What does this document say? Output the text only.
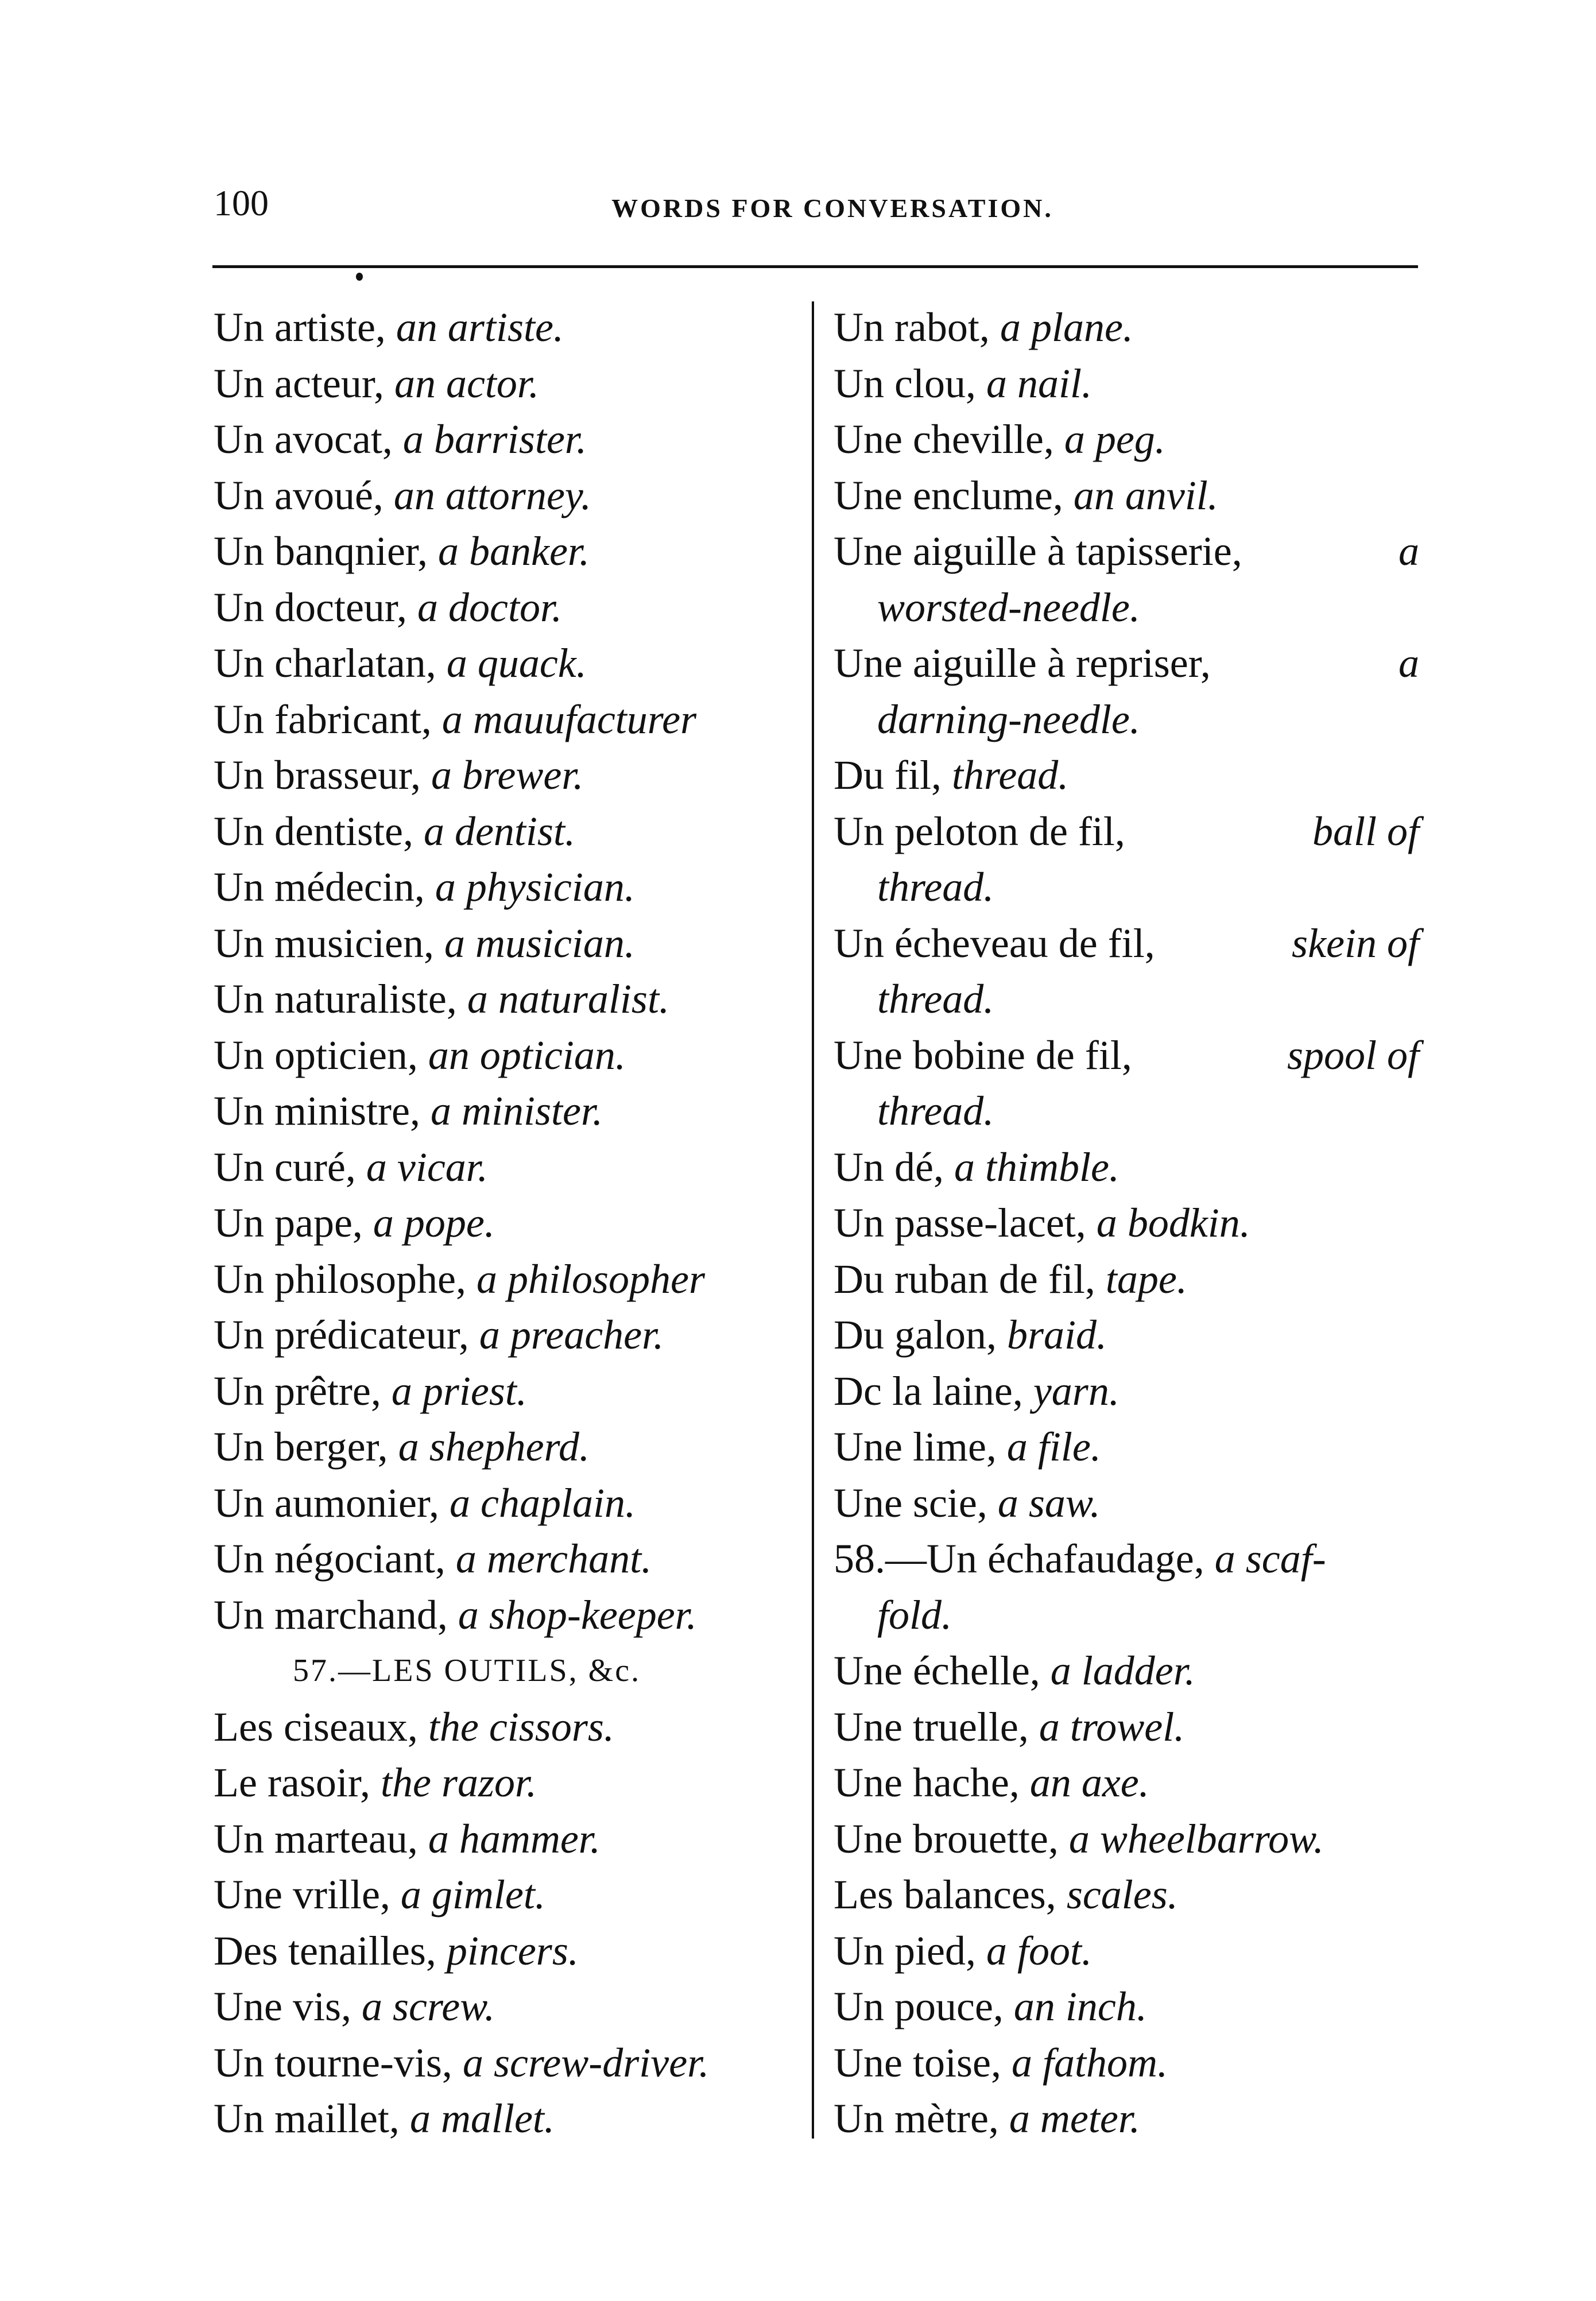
100	WORDS FOR CONVERSATION.
Un artiste, an artiste.
Un acteur, an actor.
Un avocat, a barrister.
Un avoué, an attorney.
Un banqnier, a banker.
Un docteur, a doctor.
Un charlatan, a quack.
Un fabricant, a mauufacturer
Un brasseur, a brewer.
Un dentiste, a dentist.
Un médecin, a physician.
Un musicien, a musician.
Un naturaliste, a naturalist.
Un opticien, an optician.
Un ministre, a minister.
Un curé, a vicar.
Un pape, a pope.
Un philosophe, a philosopher
Un prédicateur, a preacher.
Un prêtre, a priest.
Un berger, a shepherd.
Un aumonier, a chaplain.
Un négociant, a merchant.
Un marchand, a shop-keeper.
57.—LES OUTILS, &c.
Les ciseaux, the cissors.
Le rasoir, the razor.
Un marteau, a hammer.
Une vrille, a gimlet.
Des tenailles, pincers.
Une vis, a screw.
Un tourne-vis, a screw-driver.
Un maillet, a mallet.
Un rabot, a plane.
Un clou, a nail.
Une cheville, a peg.
Une enclume, an anvil.
Une aiguille à tapisserie,	a
worsted-needle.
Une aiguille à repriser,	a
darning-needle.
Du fil, thread.
Un peloton de fil,	ball of
thread.
Un écheveau de fil,	skein of
thread.
Une bobine de fil,	spool of
thread.
Un dé, a thimble.
Un passe-lacet, a bodkin.
Du ruban de fil, tape.
Du galon, braid.
Dc la laine, yarn.
Une lime, a file.
Une scie, a saw.
58.—Un échafaudage, a scaf-
fold.
Une échelle, a ladder.
Une truelle, a trowel.
Une hache, an axe.
Une brouette, a wheelbarrow.
Les balances, scales.
Un pied, a foot.
Un pouce, an inch.
Une toise, a fathom.
Un mètre, a meter.
